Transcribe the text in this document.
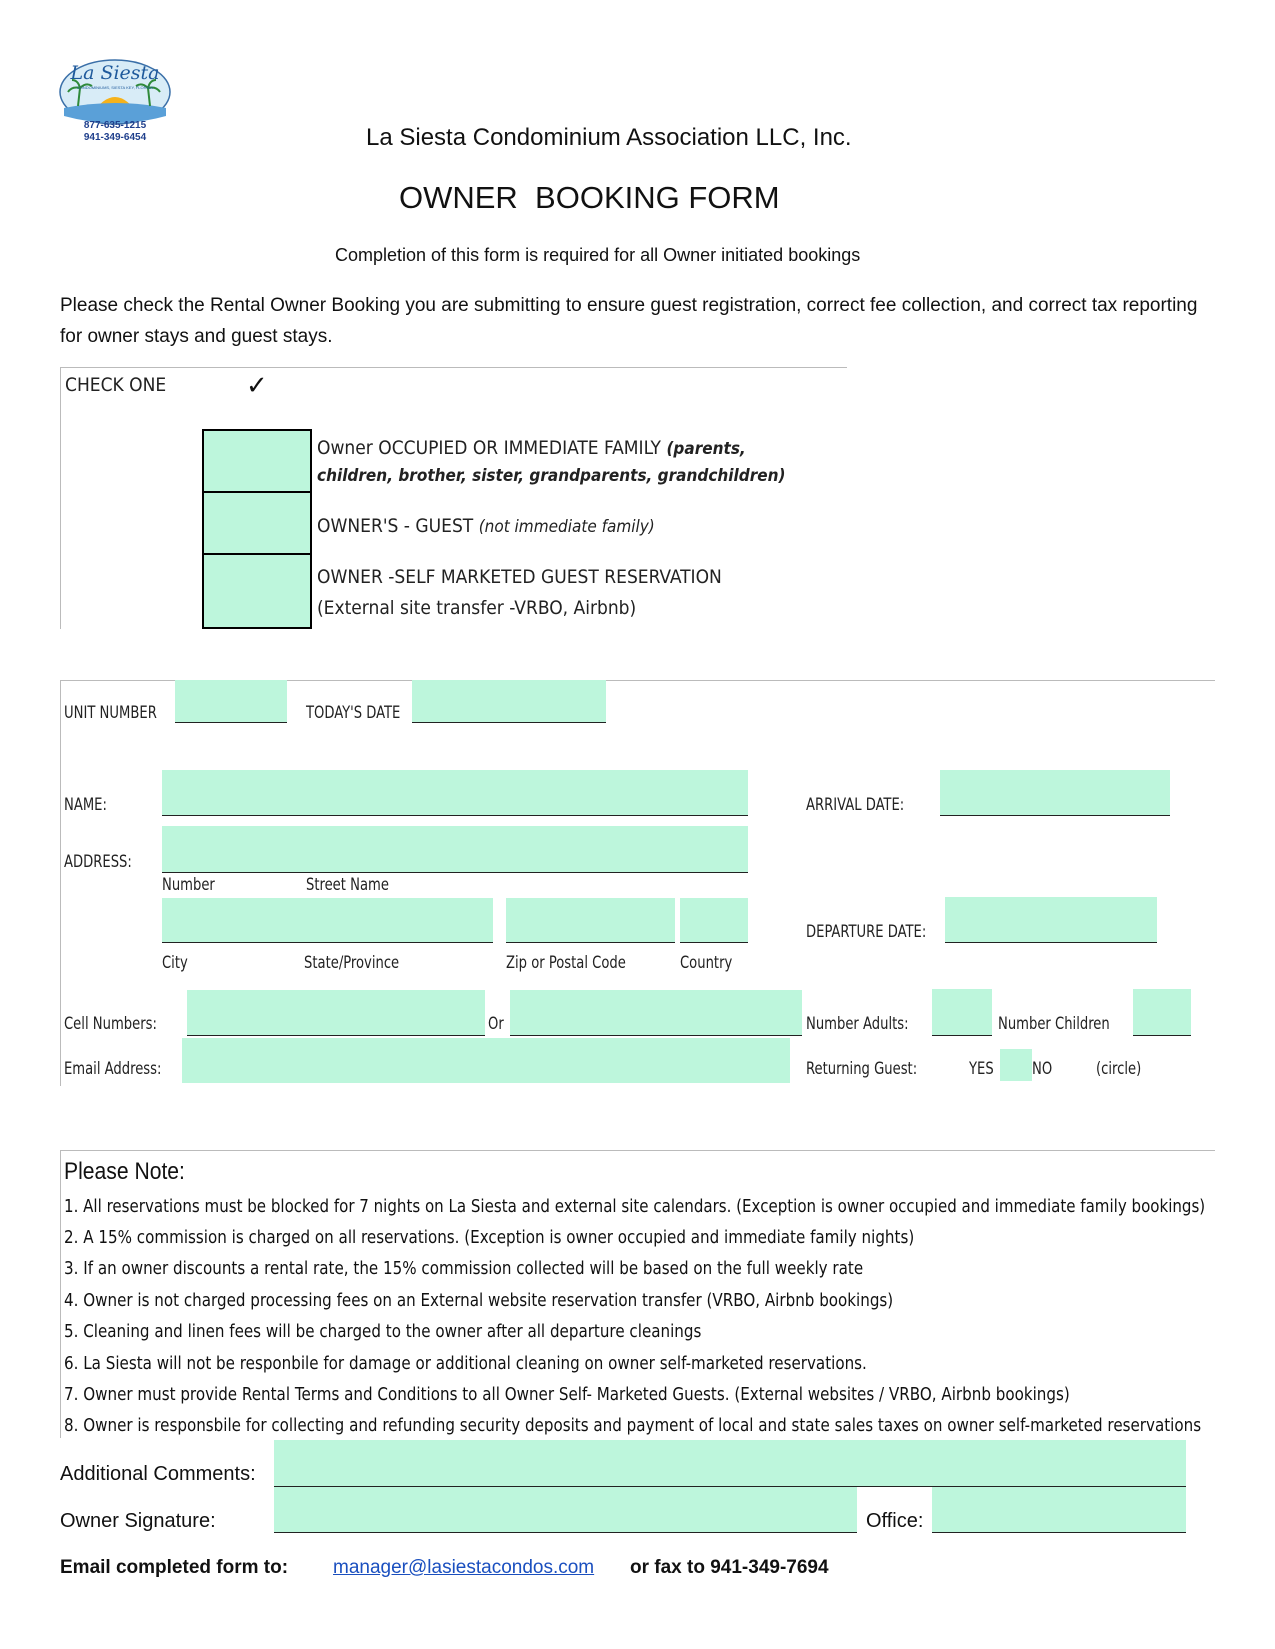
La Siesta
CONDOMINIUMS, SIESTA KEY, FLORIDA
877-635-1215
941-349-6454	La Siesta Condominium Association LLC, Inc.
OWNER  BOOKING FORM
Completion of this form is required for all Owner initiated bookings
Please check the Rental Owner Booking you are submitting to ensure guest registration, correct fee collection, and correct tax reporting for owner stays and guest stays.
CHECK ONE	✓
Owner OCCUPIED OR IMMEDIATE FAMILY (parents,
children, brother, sister, grandparents, grandchildren)
OWNER'S - GUEST (not immediate family)
OWNER -SELF MARKETED GUEST RESERVATION
(External site transfer -VRBO, Airbnb)
UNIT NUMBER	TODAY'S DATE
NAME:
ADDRESS:
Number	Street Name
City	State/Province	Zip or Postal Code	Country
ARRIVAL DATE:
DEPARTURE DATE:
Cell Numbers:	Or	Number Adults:	Number Children
Email Address:	Returning Guest:	YES NO	(circle)
Please Note:
1. All reservations must be blocked for 7 nights on La Siesta and external site calendars. (Exception is owner occupied and immediate family bookings)
2. A 15% commission is charged on all reservations. (Exception is owner occupied and immediate family nights)
3. If an owner discounts a rental rate, the 15% commission collected will be based on the full weekly rate
4. Owner is not charged processing fees on an External website reservation transfer (VRBO, Airbnb bookings)
5. Cleaning and linen fees will be charged to the owner after all departure cleanings
6. La Siesta will not be responbile for damage or additional cleaning on owner self-marketed reservations.
7. Owner must provide Rental Terms and Conditions to all Owner Self- Marketed Guests. (External websites / VRBO, Airbnb bookings)
8. Owner is responsbile for collecting and refunding security deposits and payment of local and state sales taxes on owner self-marketed reservations
Additional Comments:
Owner Signature:	Office:
Email completed form to: manager@lasiestacondos.com or fax to 941-349-7694
